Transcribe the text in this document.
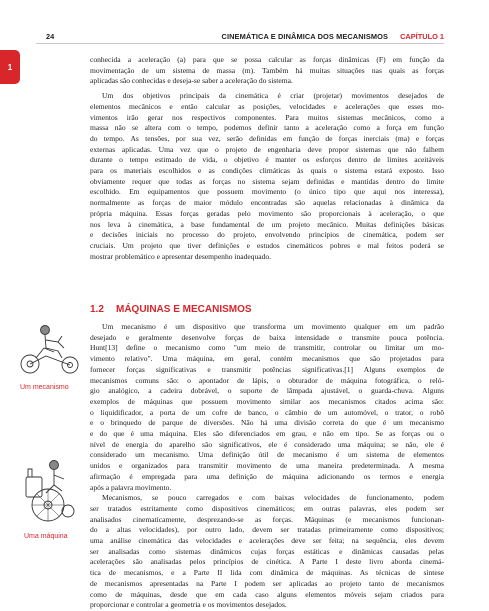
1
24	CINEMÁTICA E DINÂMICA DOS MECANISMOS CAPÍTULO 1
conhecida a aceleração (a) para que se possa calcular as forças dinâmicas (F) em função da
movimentação de um sistema de massa (m). Também há muitas situações nas quais as forças
aplicadas são conhecidas e deseja-se saber a aceleração do sistema.
Um dos objetivos principais da cinemática é criar (projetar) movimentos desejados de
elementos mecânicos e então calcular as posições, velocidades e acelerações que esses mo-
vimentos irão gerar nos respectivos componentes. Para muitos sistemas mecânicos, como a
massa não se altera com o tempo, podemos definir tanto a aceleração como a força em função
do tempo. As tensões, por sua vez, serão definidas em função de forças inerciais (ma) e forças
externas aplicadas. Uma vez que o projeto de engenharia deve propor sistemas que não falhem
durante o tempo estimado de vida, o objetivo é manter os esforços dentro de limites aceitáveis
para os materiais escolhidos e as condições climáticas às quais o sistema estará exposto. Isso
obviamente requer que todas as forças no sistema sejam definidas e mantidas dentro do limite
escolhido. Em equipamentos que possuem movimento (o único tipo que aqui nos interessa),
normalmente as forças de maior módulo encontradas são aquelas relacionadas à dinâmica da
própria máquina. Essas forças geradas pelo movimento são proporcionais à aceleração, o que
nos leva à cinemática, a base fundamental de um projeto mecânico. Muitas definições básicas
e decisões iniciais no processo do projeto, envolvendo princípios de cinemática, podem ser
cruciais. Um projeto que tiver definições e estudos cinemáticos pobres e mal feitos poderá se
mostrar problemático e apresentar desempenho inadequado.
1.2 MÁQUINAS E MECANISMOS
Um mecanismo é um dispositivo que transforma um movimento qualquer em um padrão
desejado e geralmente desenvolve forças de baixa intensidade e transmite pouca potência.
Hunt[13] define o mecanismo como "um meio de transmitir, controlar ou limitar um mo-
vimento relativo". Uma máquina, em geral, contém mecanismos que são projetados para
fornecer forças significativas e transmitir potências significativas.[1] Alguns exemplos de
mecanismos comuns são: o apontador de lápis, o obturador de máquina fotográfica, o reló-
gio analógico, a cadeira dobrável, o suporte de lâmpada ajustável, o guarda-chuva. Alguns
exemplos de máquinas que possuem movimento similar aos mecanismos citados acima são:
o liquidificador, a porta de um cofre de banco, o câmbio de um automóvel, o trator, o robô
e o brinquedo de parque de diversões. Não há uma divisão correta do que é um mecanismo
e do que é uma máquina. Eles são diferenciados em grau, e não em tipo. Se as forças ou o
nível de energia do aparelho são significativos, ele é considerado uma máquina; se não, ele é
considerado um mecanismo. Uma definição útil de mecanismo é um sistema de elementos
unidos e organizados para transmitir movimento de uma maneira predeterminada. A mesma
afirmação é empregada para uma definição de máquina adicionando os termos e energia
após a palavra movimento.
Mecanismos, se pouco carregados e com baixas velocidades de funcionamento, podem
ser tratados estritamente como dispositivos cinemáticos; em outras palavras, eles podem ser
analisados cinematicamente, desprezando-se as forças. Máquinas (e mecanismos funcionan-
do a altas velocidades), por outro lado, devem ser tratadas primeiramente como dispositivos;
uma análise cinemática das velocidades e acelerações deve ser feita; na sequência, eles devem
ser analisadas como sistemas dinâmicos cujas forças estáticas e dinâmicas causadas pelas
acelerações são analisadas pelos princípios de cinética. A Parte I deste livro aborda cinemá-
tica de mecanismos, e a Parte II lida com dinâmica de máquinas. As técnicas de síntese
de mecanismos apresentadas na Parte I podem ser aplicadas ao projeto tanto de mecanismos
como de máquinas, desde que em cada caso alguns elementos móveis sejam criados para
proporcionar e controlar a geometria e os movimentos desejados.
Um mecanismo
Uma máquina
